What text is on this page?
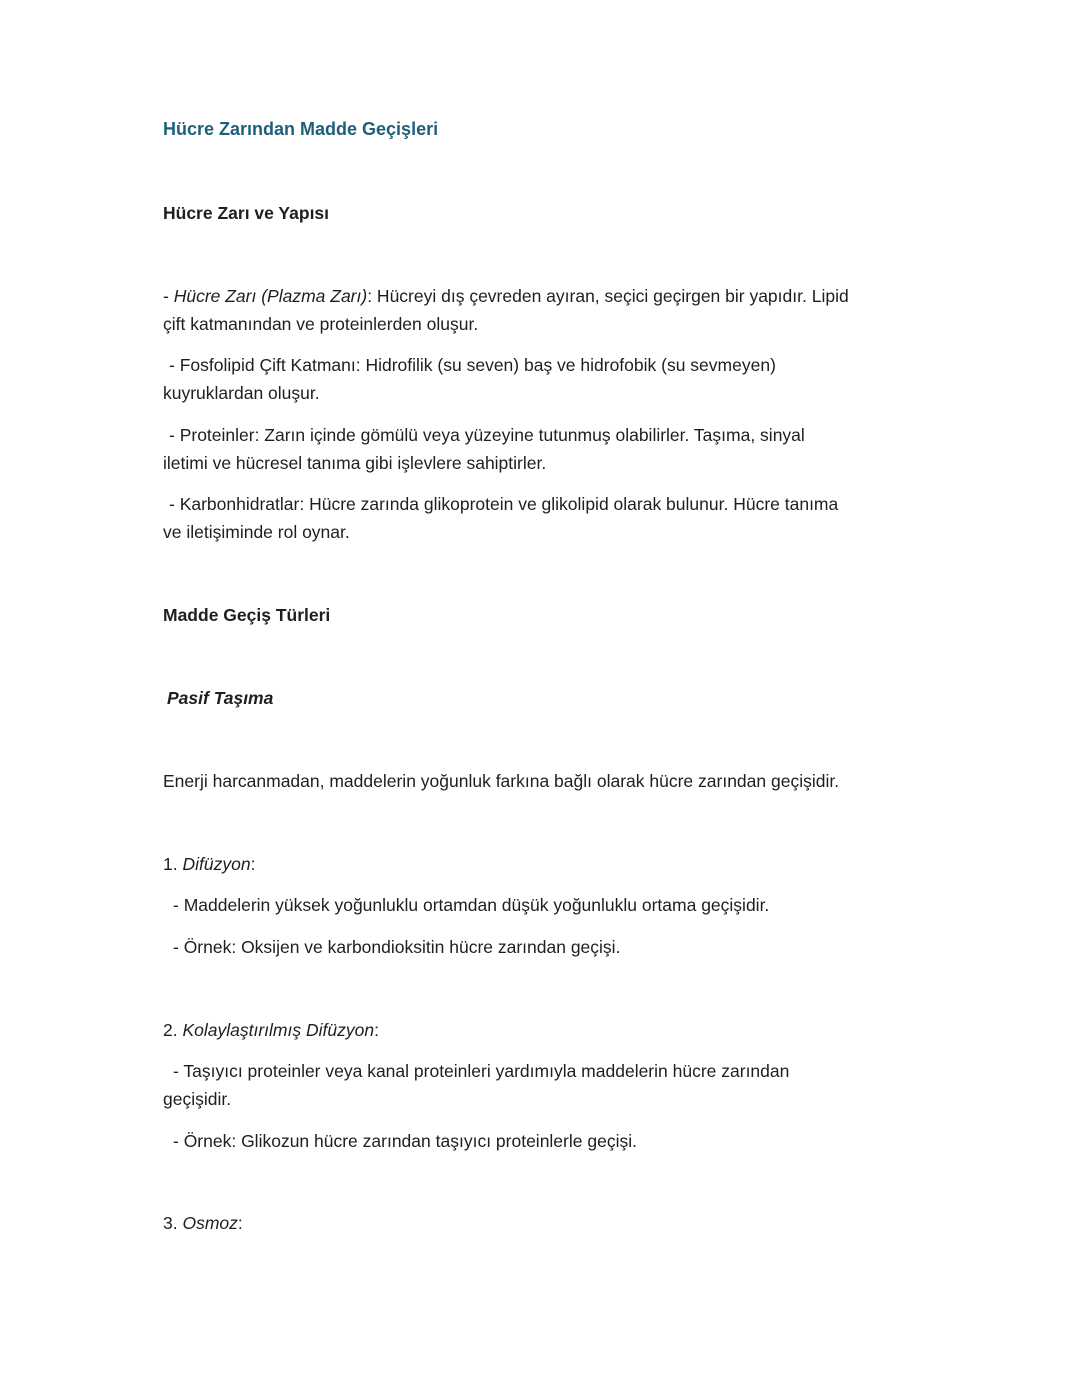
Hücre Zarından Madde Geçişleri
Hücre Zarı ve Yapısı
- Hücre Zarı (Plazma Zarı): Hücreyi dış çevreden ayıran, seçici geçirgen bir yapıdır. Lipid
çift katmanından ve proteinlerden oluşur.
- Fosfolipid Çift Katmanı: Hidrofilik (su seven) baş ve hidrofobik (su sevmeyen)
kuyruklardan oluşur.
- Proteinler: Zarın içinde gömülü veya yüzeyine tutunmuş olabilirler. Taşıma, sinyal
iletimi ve hücresel tanıma gibi işlevlere sahiptirler.
- Karbonhidratlar: Hücre zarında glikoprotein ve glikolipid olarak bulunur. Hücre tanıma
ve iletişiminde rol oynar.
Madde Geçiş Türleri
Pasif Taşıma
Enerji harcanmadan, maddelerin yoğunluk farkına bağlı olarak hücre zarından geçişidir.
1. Difüzyon:
- Maddelerin yüksek yoğunluklu ortamdan düşük yoğunluklu ortama geçişidir.
- Örnek: Oksijen ve karbondioksitin hücre zarından geçişi.
2. Kolaylaştırılmış Difüzyon:
- Taşıyıcı proteinler veya kanal proteinleri yardımıyla maddelerin hücre zarından
geçişidir.
- Örnek: Glikozun hücre zarından taşıyıcı proteinlerle geçişi.
3. Osmoz:
